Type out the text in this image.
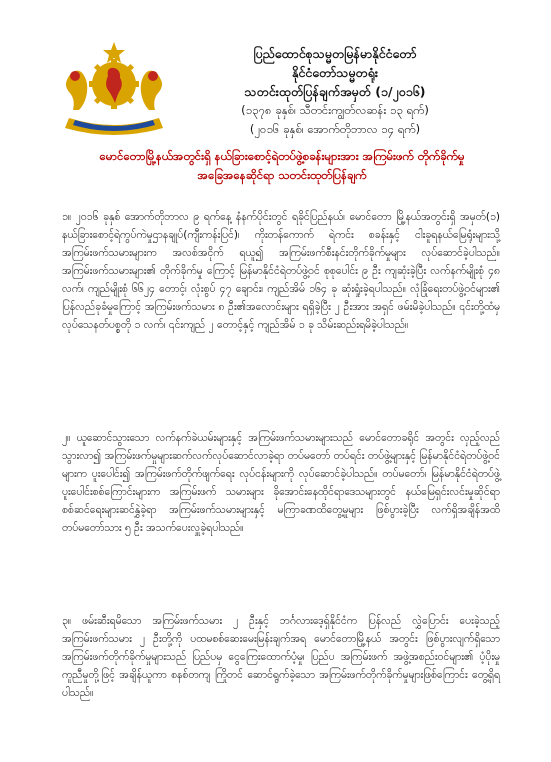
ပြည်ထောင်စုသမ္မတမြန်မာနိုင်ငံတော်
နိုင်ငံတော်သမ္မတရုံး
သတင်းထုတ်ပြန်ချက်အမှတ် (၁/၂၀၁၆)
(၁၃၇၈ ခုနှစ်၊ သီတင်းကျွတ်လဆန်း ၁၃ ရက်)
(၂၀၁၆ ခုနှစ်၊ အောက်တိုဘာလ ၁၄ ရက်)
မောင်တောမြို့နယ်အတွင်းရှိ နယ်ခြားစောင့်ရဲတပ်ဖွဲ့စခန်းများအား အကြမ်းဖက် တိုက်ခိုက်မှု
အခြေအနေဆိုင်ရာ သတင်းထုတ်ပြန်ချက်
၁။ ၂၀၁၆ ခုနှစ် အောက်တိုဘာလ ၉ ရက်နေ့ နံနက်ပိုင်းတွင် ရခိုင်ပြည်နယ်၊ မောင်တော မြို့နယ်အတွင်းရှိ အမှတ်(၁) နယ်ခြားစောင့်ရဲကွပ်ကဲမှုဌာနချုပ်(ကျီးကန်းပြင်)၊ ကိုးတန်ကောက် ရဲကင်း စခန်းနှင့် ငါးခူရနယ်မြေရုံးများသို့ အကြမ်းဖက်သမားများက အလစ်အငိုက် ရယူ၍ အကြမ်းဖက်စီးနင်းတိုက်ခိုက်မှုများ လုပ်ဆောင်ခဲ့ပါသည်။ အကြမ်းဖက်သမားများ၏ တိုက်ခိုက်မှု ကြောင့် မြန်မာနိုင်ငံရဲတပ်ဖွဲ့ဝင် စုစုပေါင်း ၉ ဦး ကျဆုံးခဲ့ပြီး လက်နက်မျိုးစုံ ၄၈ လက်၊ ကျည်မျိုးစုံ ၆၆၂၄ တောင့်၊ လုံးစွပ် ၄၇ ချောင်း၊ ကျည်အိမ် ၁၆၄ ခု ဆုံးရှုံးခဲ့ရပါသည်။ လုံခြုံရေးတပ်ဖွဲ့ဝင်များ၏ ပြန်လည်ခုခံမှုကြောင့် အကြမ်းဖက်သမား ၈ ဦး၏အလောင်းများ ရရှိခဲ့ပြီး ၂ ဦးအား အရှင် ဖမ်းမိခဲ့ပါသည်။ ၎င်းတို့ထံမှ လုပ်သေနတ်ပစ္စတို ၁ လက်၊ ၎င်းကျည် ၂ တောင့်နှင့် ကျည်အိမ် ၁ ခု သိမ်းဆည်းရမိခဲ့ပါသည်။
၂။ ယူဆောင်သွားသော လက်နက်ခဲယမ်းများနှင့် အကြမ်းဖက်သမားများသည် မောင်တောခရိုင် အတွင်း လှည့်လည်သွားလာ၍ အကြမ်းဖက်မှုများဆက်လက်လုပ်ဆောင်လာခဲ့ရာ တပ်မတော် တပ်ရင်း တပ်ဖွဲ့များနှင့် မြန်မာနိုင်ငံရဲတပ်ဖွဲ့ဝင်များက ပူးပေါင်း၍ အကြမ်းဖက်တိုက်ဖျက်ရေး လုပ်ငန်းများကို လုပ်ဆောင်ခဲ့ပါသည်။ တပ်မတော်၊ မြန်မာနိုင်ငံရဲတပ်ဖွဲ့ပူးပေါင်းစစ်ကြောင်းများက အကြမ်းဖက် သမားများ ခိုအောင်းနေထိုင်ရာဒေသများတွင် နယ်မြေရှင်းလင်းမှုဆိုင်ရာ စစ်ဆင်ရေးများဆင်နွှဲခဲ့ရာ အကြမ်းဖက်သမားများနှင့် မကြာခဏထိတွေ့မှုများ ဖြစ်ပွားခဲ့ပြီး လက်ရှိအချိန်အထိ တပ်မတော်သား ၅ ဦး အသက်ပေးလှူခဲ့ရပါသည်။
၃။ ဖမ်းဆီးရမိသော အကြမ်းဖက်သမား ၂ ဦးနှင့် ဘင်္ဂလားဒေ့ရှ်နိုင်ငံက ပြန်လည် လွှဲပြောင်း ပေးခဲ့သည့် အကြမ်းဖက်သမား ၂ ဦးတို့ကို ပထမစစ်ဆေးမေးမြန်းချက်အရ မောင်တောမြို့နယ် အတွင်း ဖြစ်ပွားလျက်ရှိသော အကြမ်းဖက်တိုက်ခိုက်မှုများသည် ပြည်ပမှ ငွေကြေးထောက်ပံ့မှု၊ ပြည်ပ အကြမ်းဖက် အဖွဲ့အစည်းဝင်များ၏ ပံ့ပိုးမှုကူညီမှုတို့ဖြင့် အချိန်ယူကာ စနစ်တကျ ကြိုတင် ဆောင်ရွက်ခဲ့သော အကြမ်းဖက်တိုက်ခိုက်မှုများဖြစ်ကြောင်း တွေ့ရှိရပါသည်။
